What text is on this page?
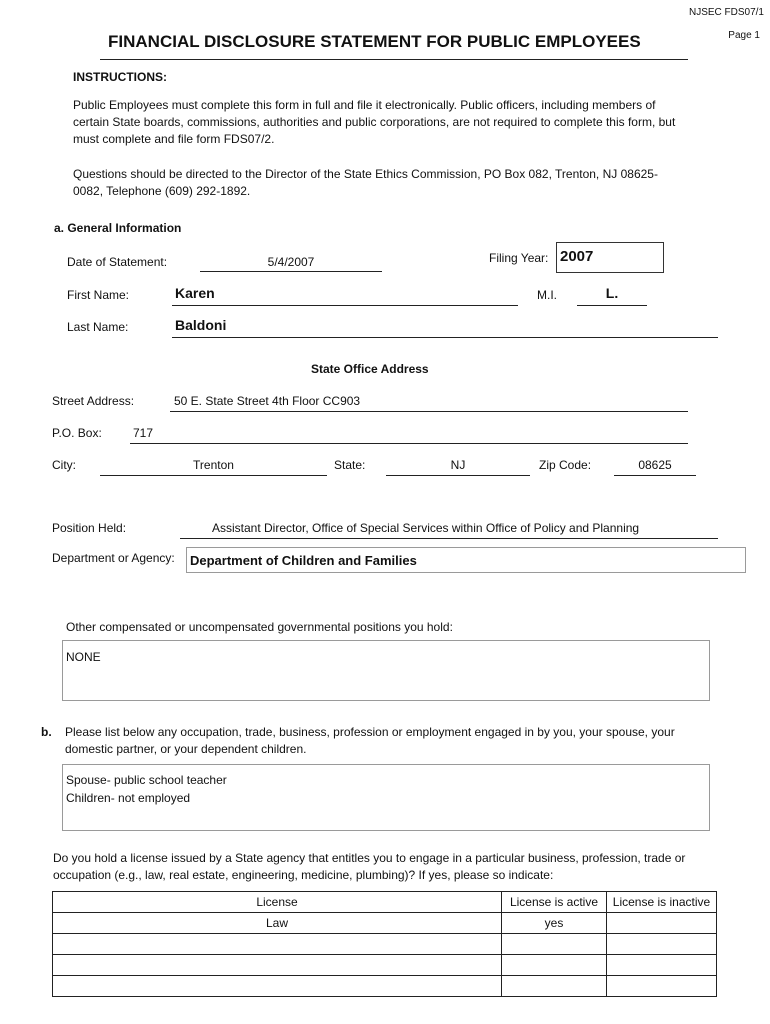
NJSEC FDS07/1
Page 1
FINANCIAL DISCLOSURE STATEMENT FOR PUBLIC EMPLOYEES
INSTRUCTIONS:
Public Employees must complete this form in full and file it electronically. Public officers, including members of certain State boards, commissions, authorities and public corporations, are not required to complete this form, but must complete and file form FDS07/2.
Questions should be directed to the Director of the State Ethics Commission, PO Box 082, Trenton, NJ 08625-0082, Telephone (609) 292-1892.
a. General Information
Date of Statement:	5/4/2007	Filing Year: 2007
First Name:	Karen	M.I.	L.
Last Name:	Baldoni
State Office Address
Street Address:	50 E. State Street 4th Floor CC903
P.O. Box:	717
City:	Trenton	State:	NJ	Zip Code:	08625
Position Held:	Assistant Director, Office of Special Services within Office of Policy and Planning
Department or Agency: Department of Children and Families
Other compensated or uncompensated governmental positions you hold:
NONE
b. Please list below any occupation, trade, business, profession or employment engaged in by you, your spouse, your domestic partner, or your dependent children.
Spouse- public school teacher
Children- not employed
Do you hold a license issued by a State agency that entitles you to engage in a particular business, profession, trade or occupation (e.g., law, real estate, engineering, medicine, plumbing)? If yes, please so indicate:
License	License is active	License is inactive
Law	yes	
